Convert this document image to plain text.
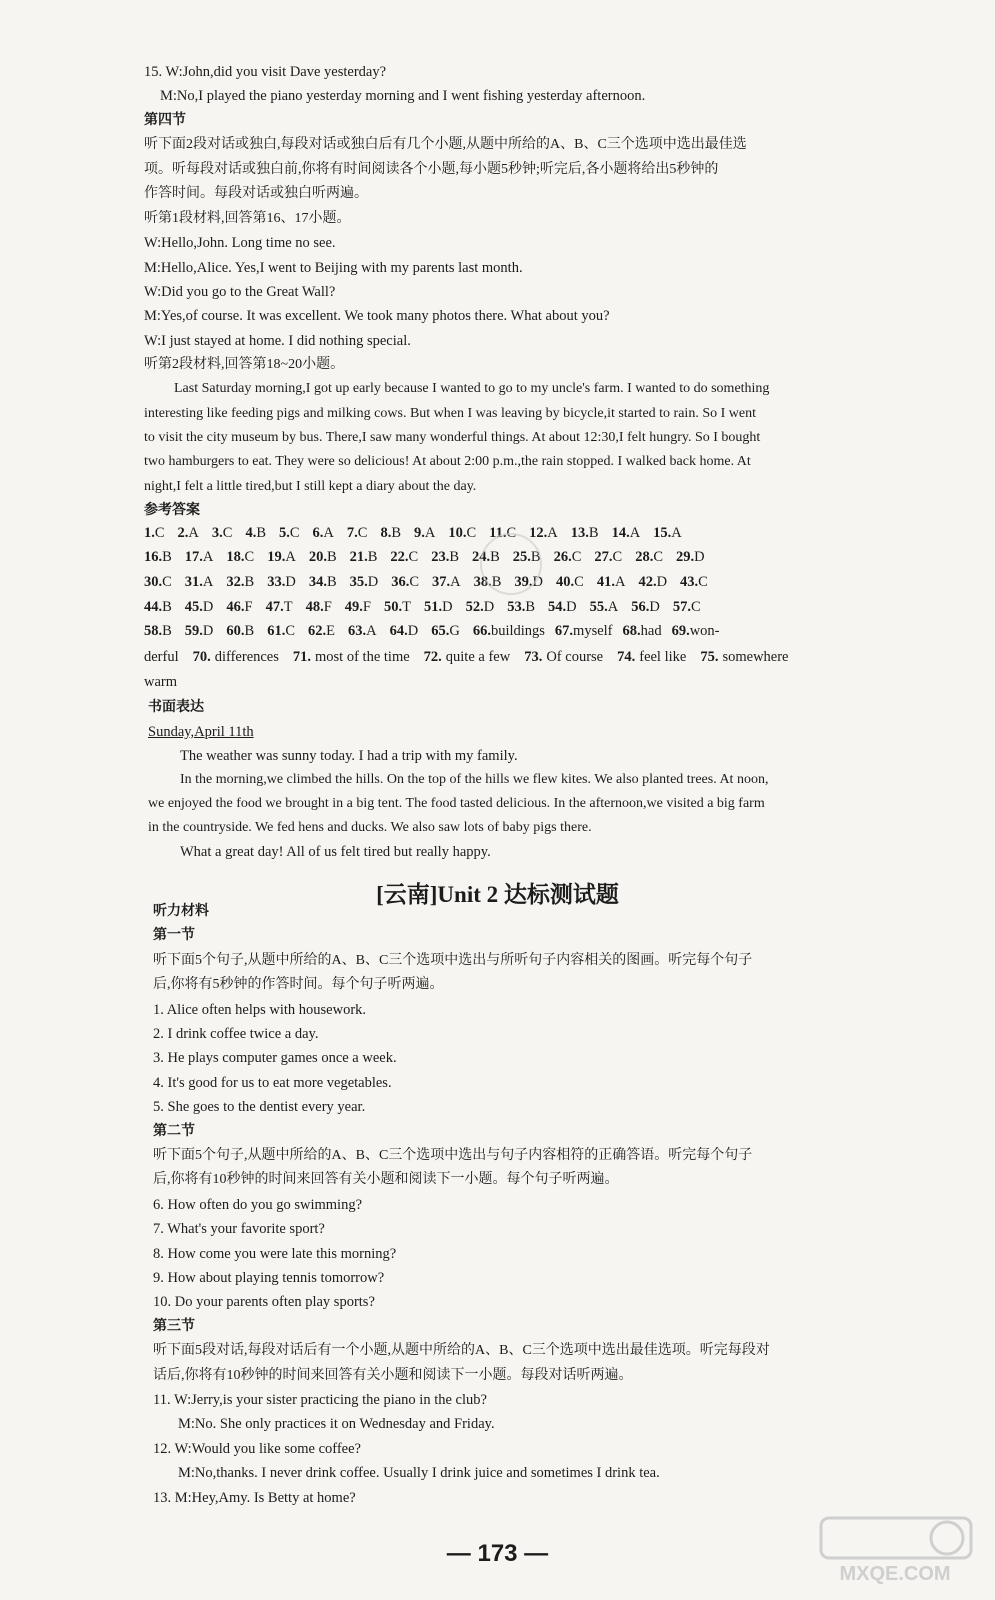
15. W:John,did you visit Dave yesterday?
M:No,I played the piano yesterday morning and I went fishing yesterday afternoon.
第四节
听下面2段对话或独白,每段对话或独白后有几个小题,从题中所给的A、B、C三个选项中选出最佳选
项。听每段对话或独白前,你将有时间阅读各个小题,每小题5秒钟;听完后,各小题将给出5秒钟的
作答时间。每段对话或独白听两遍。
听第1段材料,回答第16、17小题。
W:Hello,John. Long time no see.
M:Hello,Alice. Yes,I went to Beijing with my parents last month.
W:Did you go to the Great Wall?
M:Yes,of course. It was excellent. We took many photos there. What about you?
W:I just stayed at home. I did nothing special.
听第2段材料,回答第18~20小题。
Last Saturday morning,I got up early because I wanted to go to my uncle's farm. I wanted to do something
interesting like feeding pigs and milking cows. But when I was leaving by bicycle,it started to rain. So I went
to visit the city museum by bus. There,I saw many wonderful things. At about 12:30,I felt hungry. So I bought
two hamburgers to eat. They were so delicious! At about 2:00 p.m.,the rain stopped. I walked back home. At
night,I felt a little tired,but I still kept a diary about the day.
参考答案
1.C 2.A 3.C 4.B 5.C 6.A 7.C 8.B 9.A 10.C 11.C 12.A 13.B 14.A 15.A
16.B 17.A 18.C 19.A 20.B 21.B 22.C 23.B 24.B 25.B 26.C 27.C 28.C 29.D
30.C 31.A 32.B 33.D 34.B 35.D 36.C 37.A 38.B 39.D 40.C 41.A 42.D 43.C
44.B 45.D 46.F 47.T 48.F 49.F 50.T 51.D 52.D 53.B 54.D 55.A 56.D 57.C
58.B 59.D 60.B 61.C 62.E 63.A 64.D 65.G 66.buildings 67.myself 68.had 69.won-
derful 70. differences 71. most of the time 72. quite a few 73. Of course 74. feel like 75. somewhere
warm
书面表达
Sunday,April 11th
The weather was sunny today. I had a trip with my family.
In the morning,we climbed the hills. On the top of the hills we flew kites. We also planted trees. At noon,
we enjoyed the food we brought in a big tent. The food tasted delicious. In the afternoon,we visited a big farm
in the countryside. We fed hens and ducks. We also saw lots of baby pigs there.
What a great day! All of us felt tired but really happy.
[云南]Unit 2 达标测试题
听力材料
第一节
听下面5个句子,从题中所给的A、B、C三个选项中选出与所听句子内容相关的图画。听完每个句子
后,你将有5秒钟的作答时间。每个句子听两遍。
1. Alice often helps with housework.
2. I drink coffee twice a day.
3. He plays computer games once a week.
4. It's good for us to eat more vegetables.
5. She goes to the dentist every year.
第二节
听下面5个句子,从题中所给的A、B、C三个选项中选出与句子内容相符的正确答语。听完每个句子
后,你将有10秒钟的时间来回答有关小题和阅读下一小题。每个句子听两遍。
6. How often do you go swimming?
7. What's your favorite sport?
8. How come you were late this morning?
9. How about playing tennis tomorrow?
10. Do your parents often play sports?
第三节
听下面5段对话,每段对话后有一个小题,从题中所给的A、B、C三个选项中选出最佳选项。听完每段对
话后,你将有10秒钟的时间来回答有关小题和阅读下一小题。每段对话听两遍。
11. W:Jerry,is your sister practicing the piano in the club?
M:No. She only practices it on Wednesday and Friday.
12. W:Would you like some coffee?
M:No,thanks. I never drink coffee. Usually I drink juice and sometimes I drink tea.
13. M:Hey,Amy. Is Betty at home?
— 173 —
MXQE.COM
